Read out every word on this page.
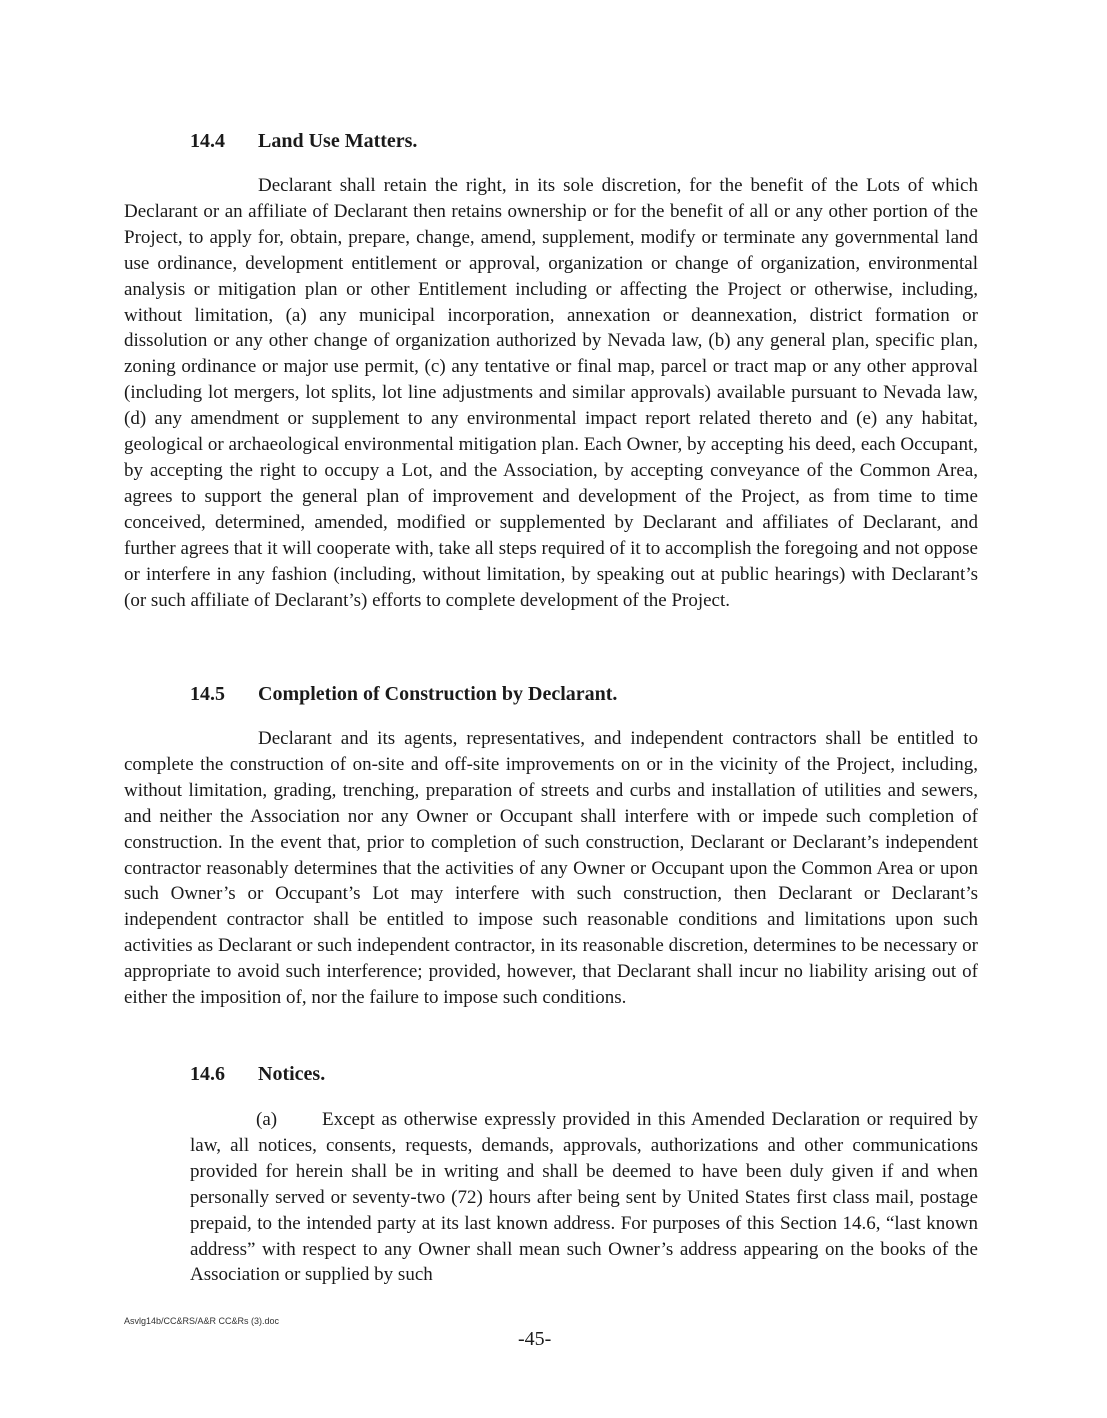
14.4 Land Use Matters.

Declarant shall retain the right, in its sole discretion, for the benefit of the Lots of which Declarant or an affiliate of Declarant then retains ownership or for the benefit of all or any other portion of the Project, to apply for, obtain, prepare, change, amend, supplement, modify or terminate any governmental land use ordinance, development entitlement or approval, organization or change of organization, environmental analysis or mitigation plan or other Entitlement including or affecting the Project or otherwise, including, without limitation, (a) any municipal incorporation, annexation or deannexation, district formation or dissolution or any other change of organization authorized by Nevada law, (b) any general plan, specific plan, zoning ordinance or major use permit, (c) any tentative or final map, parcel or tract map or any other approval (including lot mergers, lot splits, lot line adjustments and similar approvals) available pursuant to Nevada law, (d) any amendment or supplement to any environmental impact report related thereto and (e) any habitat, geological or archaeological environmental mitigation plan. Each Owner, by accepting his deed, each Occupant, by accepting the right to occupy a Lot, and the Association, by accepting conveyance of the Common Area, agrees to support the general plan of improvement and development of the Project, as from time to time conceived, determined, amended, modified or supplemented by Declarant and affiliates of Declarant, and further agrees that it will cooperate with, take all steps required of it to accomplish the foregoing and not oppose or interfere in any fashion (including, without limitation, by speaking out at public hearings) with Declarant’s (or such affiliate of Declarant’s) efforts to complete development of the Project.

14.5 Completion of Construction by Declarant.

Declarant and its agents, representatives, and independent contractors shall be entitled to complete the construction of on-site and off-site improvements on or in the vicinity of the Project, including, without limitation, grading, trenching, preparation of streets and curbs and installation of utilities and sewers, and neither the Association nor any Owner or Occupant shall interfere with or impede such completion of construction. In the event that, prior to completion of such construction, Declarant or Declarant’s independent contractor reasonably determines that the activities of any Owner or Occupant upon the Common Area or upon such Owner’s or Occupant’s Lot may interfere with such construction, then Declarant or Declarant’s independent contractor shall be entitled to impose such reasonable conditions and limitations upon such activities as Declarant or such independent contractor, in its reasonable discretion, determines to be necessary or appropriate to avoid such interference; provided, however, that Declarant shall incur no liability arising out of either the imposition of, nor the failure to impose such conditions.

14.6 Notices.

(a) Except as otherwise expressly provided in this Amended Declaration or required by law, all notices, consents, requests, demands, approvals, authorizations and other communications provided for herein shall be in writing and shall be deemed to have been duly given if and when personally served or seventy-two (72) hours after being sent by United States first class mail, postage prepaid, to the intended party at its last known address. For purposes of this Section 14.6, “last known address” with respect to any Owner shall mean such Owner’s address appearing on the books of the Association or supplied by such

Asvlg14b/CC&RS/A&R CC&Rs (3).doc
-45-
